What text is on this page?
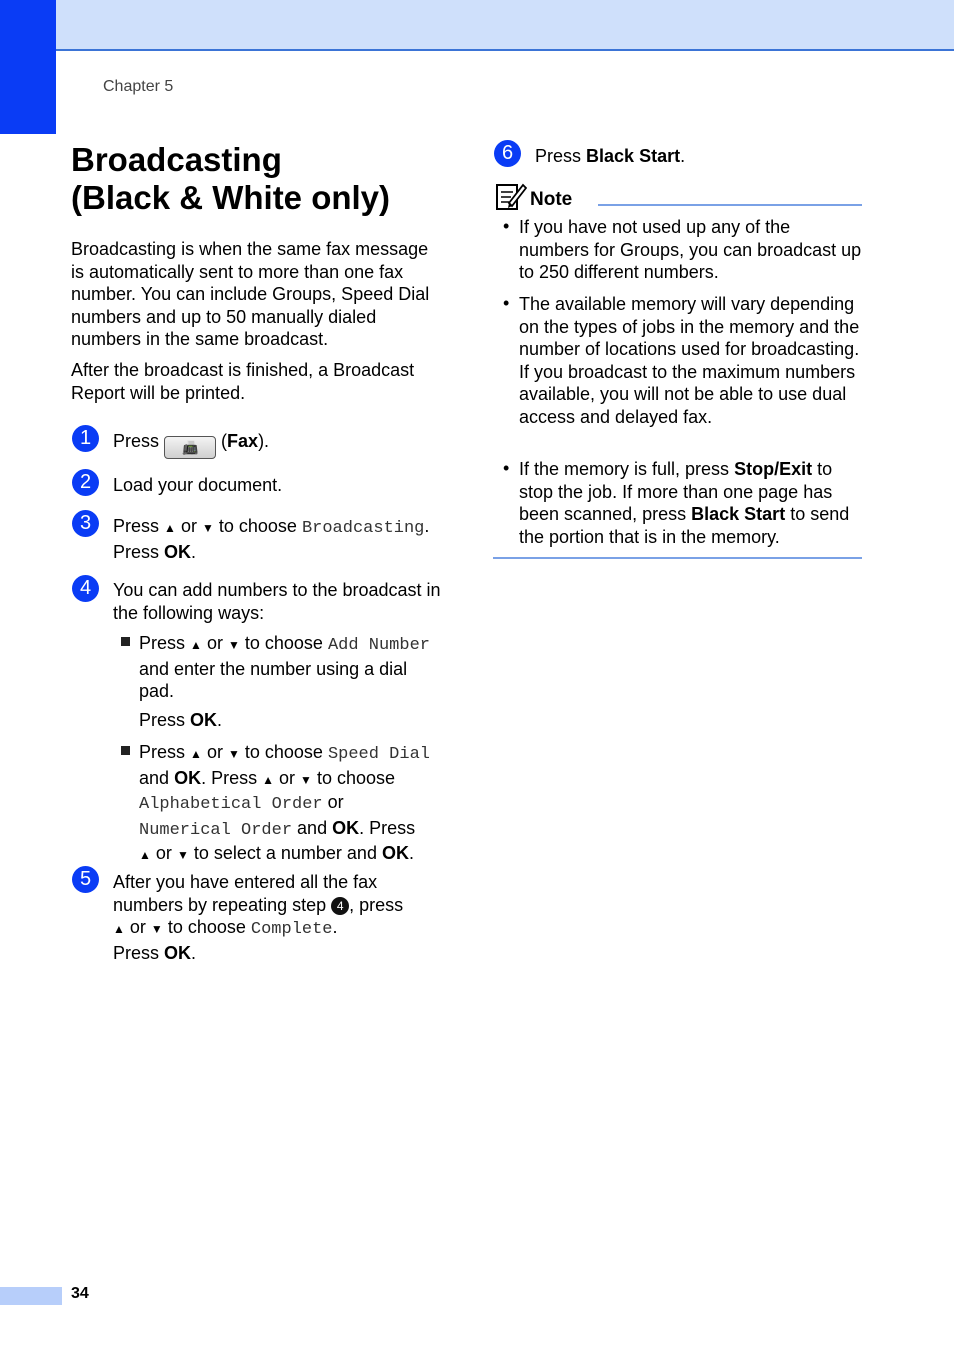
Chapter 5
Broadcasting
(Black & White only)

Broadcasting is when the same fax message is automatically sent to more than one fax number. You can include Groups, Speed Dial numbers and up to 50 manually dialed numbers in the same broadcast.

After the broadcast is finished, a Broadcast Report will be printed.

1	Press 📠 (Fax).

2	Load your document.

3	Press ▲ or ▼ to choose Broadcasting.
Press OK.

4	You can add numbers to the broadcast in the following ways:

Press ▲ or ▼ to choose Add Number and enter the number using a dial pad.

Press OK.

Press ▲ or ▼ to choose Speed Dial
and OK. Press ▲ or ▼ to choose
Alphabetical Order or
Numerical Order and OK. Press
▲ or ▼ to select a number and OK.

5	After you have entered all the fax
numbers by repeating step 4 , press
▲ or ▼ to choose Complete.
Press OK.

6	Press Black Start.

Note
• If you have not used up any of the numbers for Groups, you can broadcast up to 250 different numbers.

• The available memory will vary depending on the types of jobs in the memory and the number of locations used for broadcasting. If you broadcast to the maximum numbers available, you will not be able to use dual access and delayed fax.

• If the memory is full, press Stop/Exit to stop the job. If more than one page has been scanned, press Black Start to send the portion that is in the memory.

34
